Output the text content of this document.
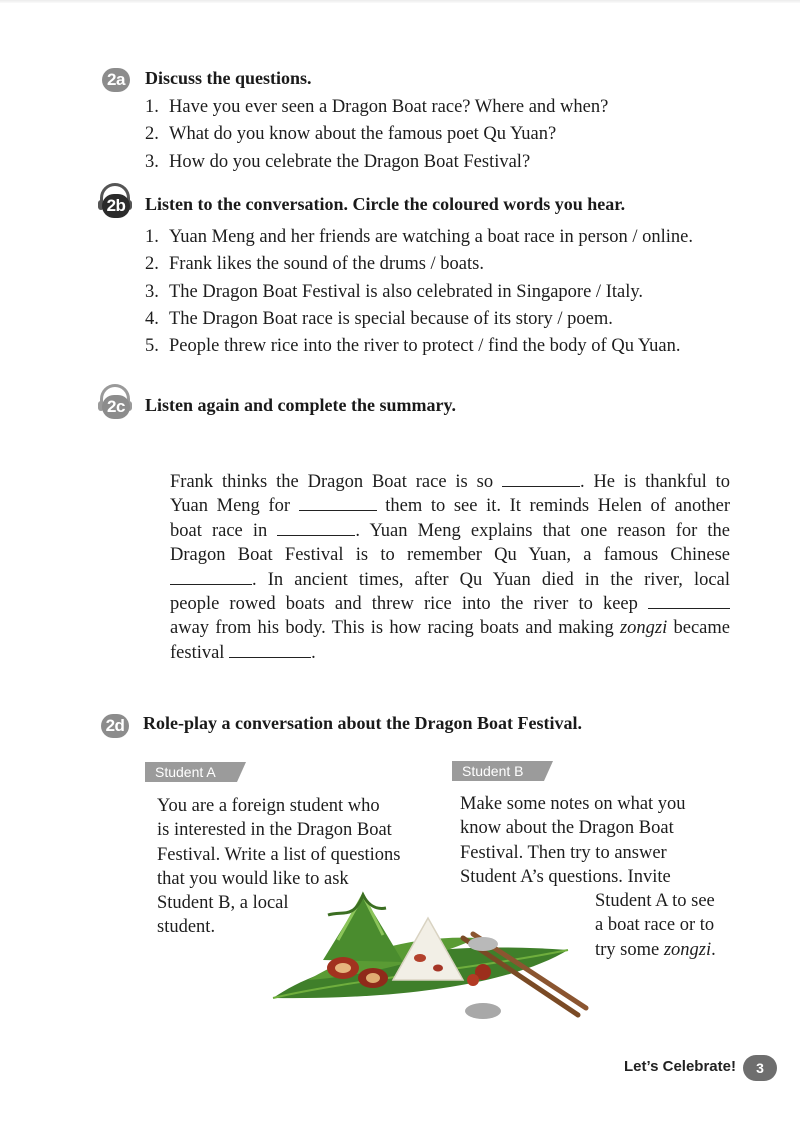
2a Discuss the questions.
1. Have you ever seen a Dragon Boat race? Where and when?
2. What do you know about the famous poet Qu Yuan?
3. How do you celebrate the Dragon Boat Festival?
2b Listen to the conversation. Circle the coloured words you hear.
1. Yuan Meng and her friends are watching a boat race in person / online.
2. Frank likes the sound of the drums / boats.
3. The Dragon Boat Festival is also celebrated in Singapore / Italy.
4. The Dragon Boat race is special because of its story / poem.
5. People threw rice into the river to protect / find the body of Qu Yuan.
2c Listen again and complete the summary.
Frank thinks the Dragon Boat race is so	. He is thankful to
Yuan Meng for	them to see it. It reminds Helen of another
boat race in	. Yuan Meng explains that one reason for the
Dragon Boat Festival is to remember Qu Yuan, a famous Chinese
. In ancient times, after Qu Yuan died in the river, local
people rowed boats and threw rice into the river to keep
away from his body. This is how racing boats and making zongzi became
festival	.
2d Role-play a conversation about the Dragon Boat Festival.
Student A	Student B
You are a foreign student who
is interested in the Dragon Boat
Festival. Write a list of questions
that you would like to ask
Student B, a local
student.
Make some notes on what you
know about the Dragon Boat
Festival. Then try to answer
Student A’s questions. Invite
Student A to see
a boat race or to
try some zongzi.
Let’s Celebrate!	3
